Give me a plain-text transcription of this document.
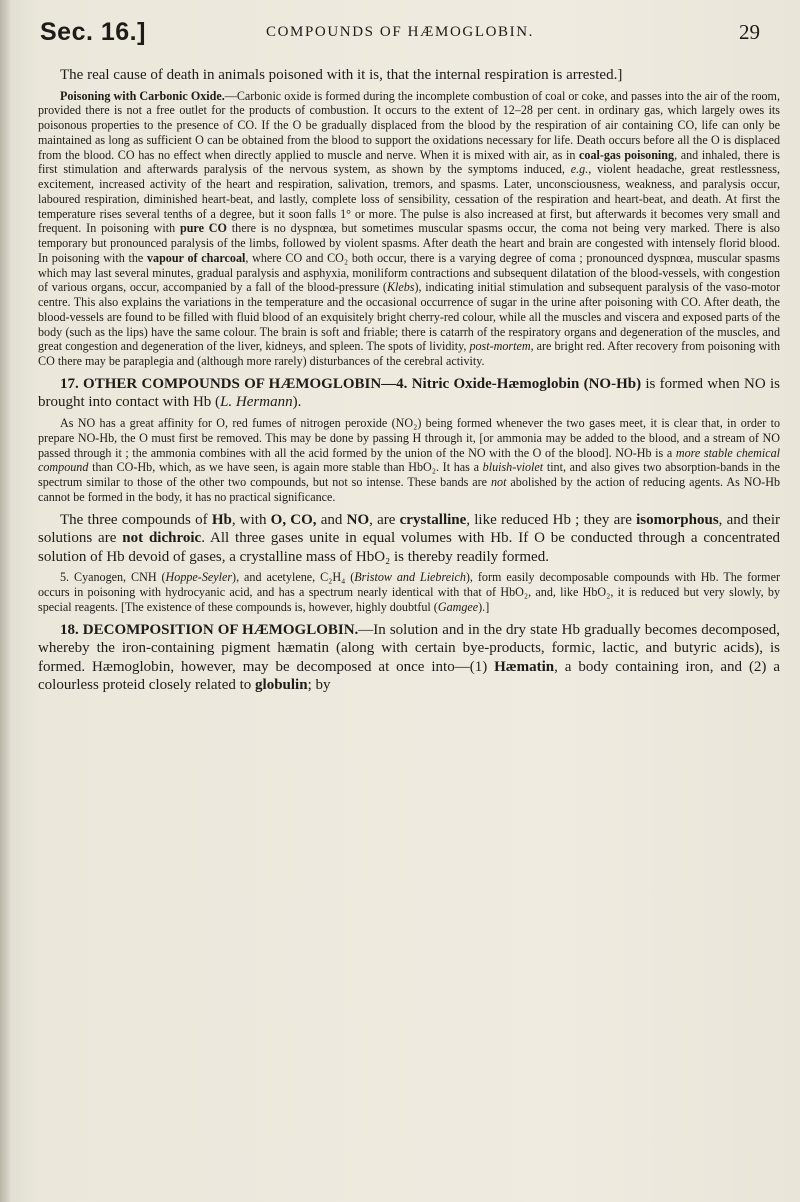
Sec. 16.]	COMPOUNDS OF HÆMOGLOBIN.	29

The real cause of death in animals poisoned with it is, that the internal respiration is arrested.]

Poisoning with Carbonic Oxide.—Carbonic oxide is formed during the incomplete combustion of coal or coke, and passes into the air of the room, provided there is not a free outlet for the products of combustion. It occurs to the extent of 12–28 per cent. in ordinary gas, which largely owes its poisonous properties to the presence of CO. If the O be gradually displaced from the blood by the respiration of air containing CO, life can only be maintained as long as sufficient O can be obtained from the blood to support the oxidations necessary for life. Death occurs before all the O is displaced from the blood. CO has no effect when directly applied to muscle and nerve. When it is mixed with air, as in coal-gas poisoning, and inhaled, there is first stimulation and afterwards paralysis of the nervous system, as shown by the symptoms induced, e.g., violent headache, great restlessness, excitement, increased activity of the heart and respiration, salivation, tremors, and spasms. Later, unconsciousness, weakness, and paralysis occur, laboured respiration, diminished heart-beat, and lastly, complete loss of sensibility, cessation of the respiration and heart-beat, and death. At first the temperature rises several tenths of a degree, but it soon falls 1° or more. The pulse is also increased at first, but afterwards it becomes very small and frequent. In poisoning with pure CO there is no dyspnœa, but sometimes muscular spasms occur, the coma not being very marked. There is also temporary but pronounced paralysis of the limbs, followed by violent spasms. After death the heart and brain are congested with intensely florid blood. In poisoning with the vapour of charcoal, where CO and CO₂ both occur, there is a varying degree of coma ; pronounced dyspnœa, muscular spasms which may last several minutes, gradual paralysis and asphyxia, moniliform contractions and subsequent dilatation of the blood-vessels, with congestion of various organs, occur, accompanied by a fall of the blood-pressure (Klebs), indicating initial stimulation and subsequent paralysis of the vaso-motor centre. This also explains the variations in the temperature and the occasional occurrence of sugar in the urine after poisoning with CO. After death, the blood-vessels are found to be filled with fluid blood of an exquisitely bright cherry-red colour, while all the muscles and viscera and exposed parts of the body (such as the lips) have the same colour. The brain is soft and friable; there is catarrh of the respiratory organs and degeneration of the muscles, and great congestion and degeneration of the liver, kidneys, and spleen. The spots of lividity, post-mortem, are bright red. After recovery from poisoning with CO there may be paraplegia and (although more rarely) disturbances of the cerebral activity.

17. OTHER COMPOUNDS OF HÆMOGLOBIN—4. Nitric Oxide-Hæmoglobin (NO-Hb) is formed when NO is brought into contact with Hb (L. Hermann).

As NO has a great affinity for O, red fumes of nitrogen peroxide (NO₂) being formed whenever the two gases meet, it is clear that, in order to prepare NO-Hb, the O must first be removed. This may be done by passing H through it, [or ammonia may be added to the blood, and a stream of NO passed through it ; the ammonia combines with all the acid formed by the union of the NO with the O of the blood]. NO-Hb is a more stable chemical compound than CO-Hb, which, as we have seen, is again more stable than HbO₂. It has a bluish-violet tint, and also gives two absorption-bands in the spectrum similar to those of the other two compounds, but not so intense. These bands are not abolished by the action of reducing agents. As NO-Hb cannot be formed in the body, it has no practical significance.

The three compounds of Hb, with O, CO, and NO, are crystalline, like reduced Hb ; they are isomorphous, and their solutions are not dichroic. All three gases unite in equal volumes with Hb. If O be conducted through a concentrated solution of Hb devoid of gases, a crystalline mass of HbO₂ is thereby readily formed.

5. Cyanogen, CNH (Hoppe-Seyler), and acetylene, C₂H₄ (Bristow and Liebreich), form easily decomposable compounds with Hb. The former occurs in poisoning with hydrocyanic acid, and has a spectrum nearly identical with that of HbO₂, and, like HbO₂, it is reduced but very slowly, by special reagents. [The existence of these compounds is, however, highly doubtful (Gamgee).]

18. DECOMPOSITION OF HÆMOGLOBIN.—In solution and in the dry state Hb gradually becomes decomposed, whereby the iron-containing pigment hæmatin (along with certain bye-products, formic, lactic, and butyric acids), is formed. Hæmoglobin, however, may be decomposed at once into—(1) Hæmatin, a body containing iron, and (2) a colourless proteid closely related to globulin; by
